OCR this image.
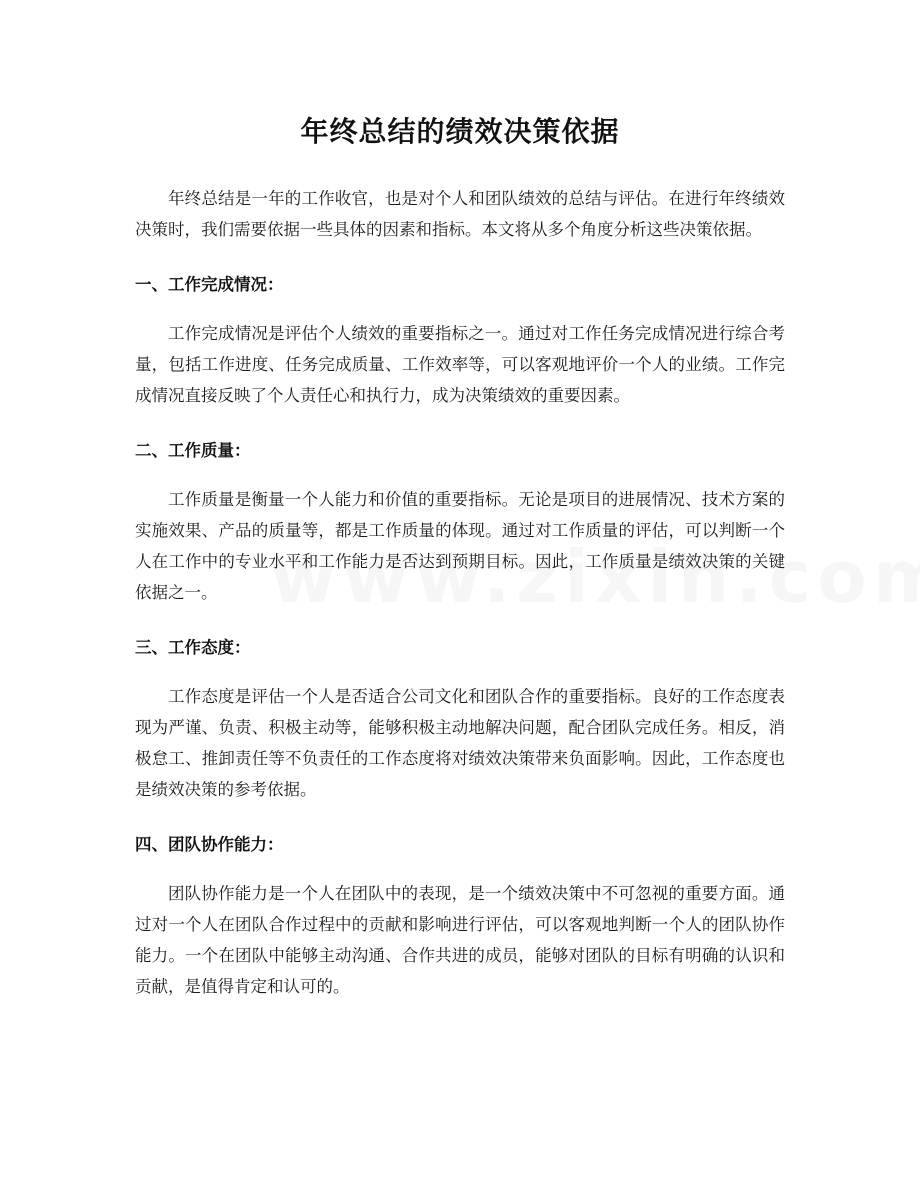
年终总结的绩效决策依据

年终总结是一年的工作收官，也是对个人和团队绩效的总结与评估。在进行年终绩效决策时，我们需要依据一些具体的因素和指标。本文将从多个角度分析这些决策依据。

一、工作完成情况：

工作完成情况是评估个人绩效的重要指标之一。通过对工作任务完成情况进行综合考量，包括工作进度、任务完成质量、工作效率等，可以客观地评价一个人的业绩。工作完成情况直接反映了个人责任心和执行力，成为决策绩效的重要因素。

二、工作质量：

工作质量是衡量一个人能力和价值的重要指标。无论是项目的进展情况、技术方案的实施效果、产品的质量等，都是工作质量的体现。通过对工作质量的评估，可以判断一个人在工作中的专业水平和工作能力是否达到预期目标。因此，工作质量是绩效决策的关键依据之一。

三、工作态度：

工作态度是评估一个人是否适合公司文化和团队合作的重要指标。良好的工作态度表现为严谨、负责、积极主动等，能够积极主动地解决问题，配合团队完成任务。相反，消极怠工、推卸责任等不负责任的工作态度将对绩效决策带来负面影响。因此，工作态度也是绩效决策的参考依据。

四、团队协作能力：

团队协作能力是一个人在团队中的表现，是一个绩效决策中不可忽视的重要方面。通过对一个人在团队合作过程中的贡献和影响进行评估，可以客观地判断一个人的团队协作能力。一个在团队中能够主动沟通、合作共进的成员，能够对团队的目标有明确的认识和贡献，是值得肯定和认可的。
